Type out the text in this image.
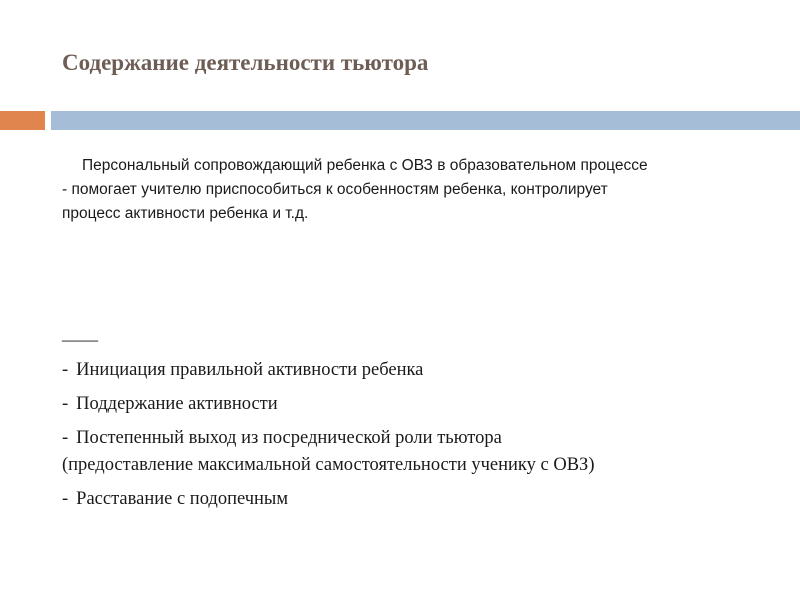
Содержание деятельности тьютора
Персональный сопровождающий ребенка с ОВЗ в образовательном процессе
- помогает учителю приспособиться к особенностям ребенка, контролирует
процесс активности ребенка и т.д.
____
- Инициация правильной активности ребенка
- Поддержание активности
- Постепенный выход из посреднической роли тьютора
(предоставление максимальной самостоятельности ученику с ОВЗ)
- Расставание с подопечным
